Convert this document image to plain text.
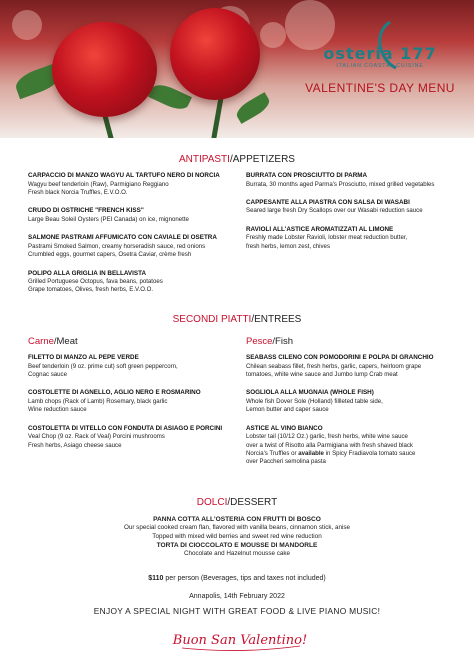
osteria 177
ITALIAN COASTAL CUISINE
VALENTINE'S DAY MENU
ANTIPASTI/APPETIZERS
CARPACCIO DI MANZO WAGYU AL TARTUFO NERO DI NORCIA

Wagyu beef tenderloin (Raw), Parmigiano Reggiano

Fresh black Norcia Truffles, E.V.O.O.

CRUDO DI OSTRICHE "FRENCH KISS"

Large Beau Soleil Oysters (PEI Canada) on ice, mignonette

SALMONE PASTRAMI AFFUMICATO CON CAVIALE DI OSETRA

Pastrami Smoked Salmon, creamy horseradish sauce, red onions

Crumbled eggs, gourmet capers, Osetra Caviar, crème fresh

POLIPO ALLA GRIGLIA IN BELLAVISTA

Grilled Portuguese Octopus, fava beans, potatoes

Grape tomatoes, Olives, fresh herbs, E.V.O.O.

BURRATA CON PROSCIUTTO DI PARMA

Burrata, 30 months aged Parma's Prosciutto, mixed grilled vegetables

CAPPESANTE ALLA PIASTRA CON SALSA DI WASABI

Seared large fresh Dry Scallops over our Wasabi reduction sauce

RAVIOLI ALL'ASTICE AROMATIZZATI AL LIMONE

Freshly made Lobster Ravioli, lobster meat reduction butter,

fresh herbs, lemon zest, chives

SECONDI PIATTI/ENTREES
Carne/Meat
FILETTO DI MANZO AL PEPE VERDE

Beef tenderloin (9 oz. prime cut) soft green peppercorn,

Cognac sauce

COSTOLETTE DI AGNELLO, AGLIO NERO E ROSMARINO

Lamb chops (Rack of Lamb) Rosemary, black garlic

Wine reduction sauce

COSTOLETTA DI VITELLO CON FONDUTA DI ASIAGO E PORCINI

Veal Chop (9 oz. Rack of Veal) Porcini mushrooms

Fresh herbs, Asiago cheese sauce

Pesce/Fish
SEABASS CILENO CON POMODORINI E POLPA DI GRANCHIO

Chilean seabass fillet, fresh herbs, garlic, capers, heirloom grape

tomatoes, white wine sauce and Jumbo lump Crab meat

SOGLIOLA ALLA MUGNAIA (WHOLE FISH)

Whole fish Dover Sole (Holland) fillleted table side,

Lemon butter and caper sauce

ASTICE AL VINO BIANCO

Lobster tail (10/12 Oz.) garlic, fresh herbs, white wine sauce

over a twist of Risotto alla Parmigiana with fresh shaved black

Norcia's Truffles or available in Spicy Fradiavola tomato sauce

over Paccheri semolina pasta

DOLCI/DESSERT
PANNA COTTA ALL'OSTERIA CON FRUTTI DI BOSCO

Our special cooked cream flan, flavored with vanilla beans, cinnamon stick, anise

Topped with mixed wild berries and sweet red wine reduction

TORTA DI CIOCCOLATO E MOUSSE DI MANDORLE

Chocolate and Hazelnut mousse cake

$110 per person (Beverages, tips and taxes not included)
Annapolis, 14th February 2022
ENJOY A SPECIAL NIGHT WITH GREAT FOOD & LIVE PIANO MUSIC!
Buon San Valentino!
